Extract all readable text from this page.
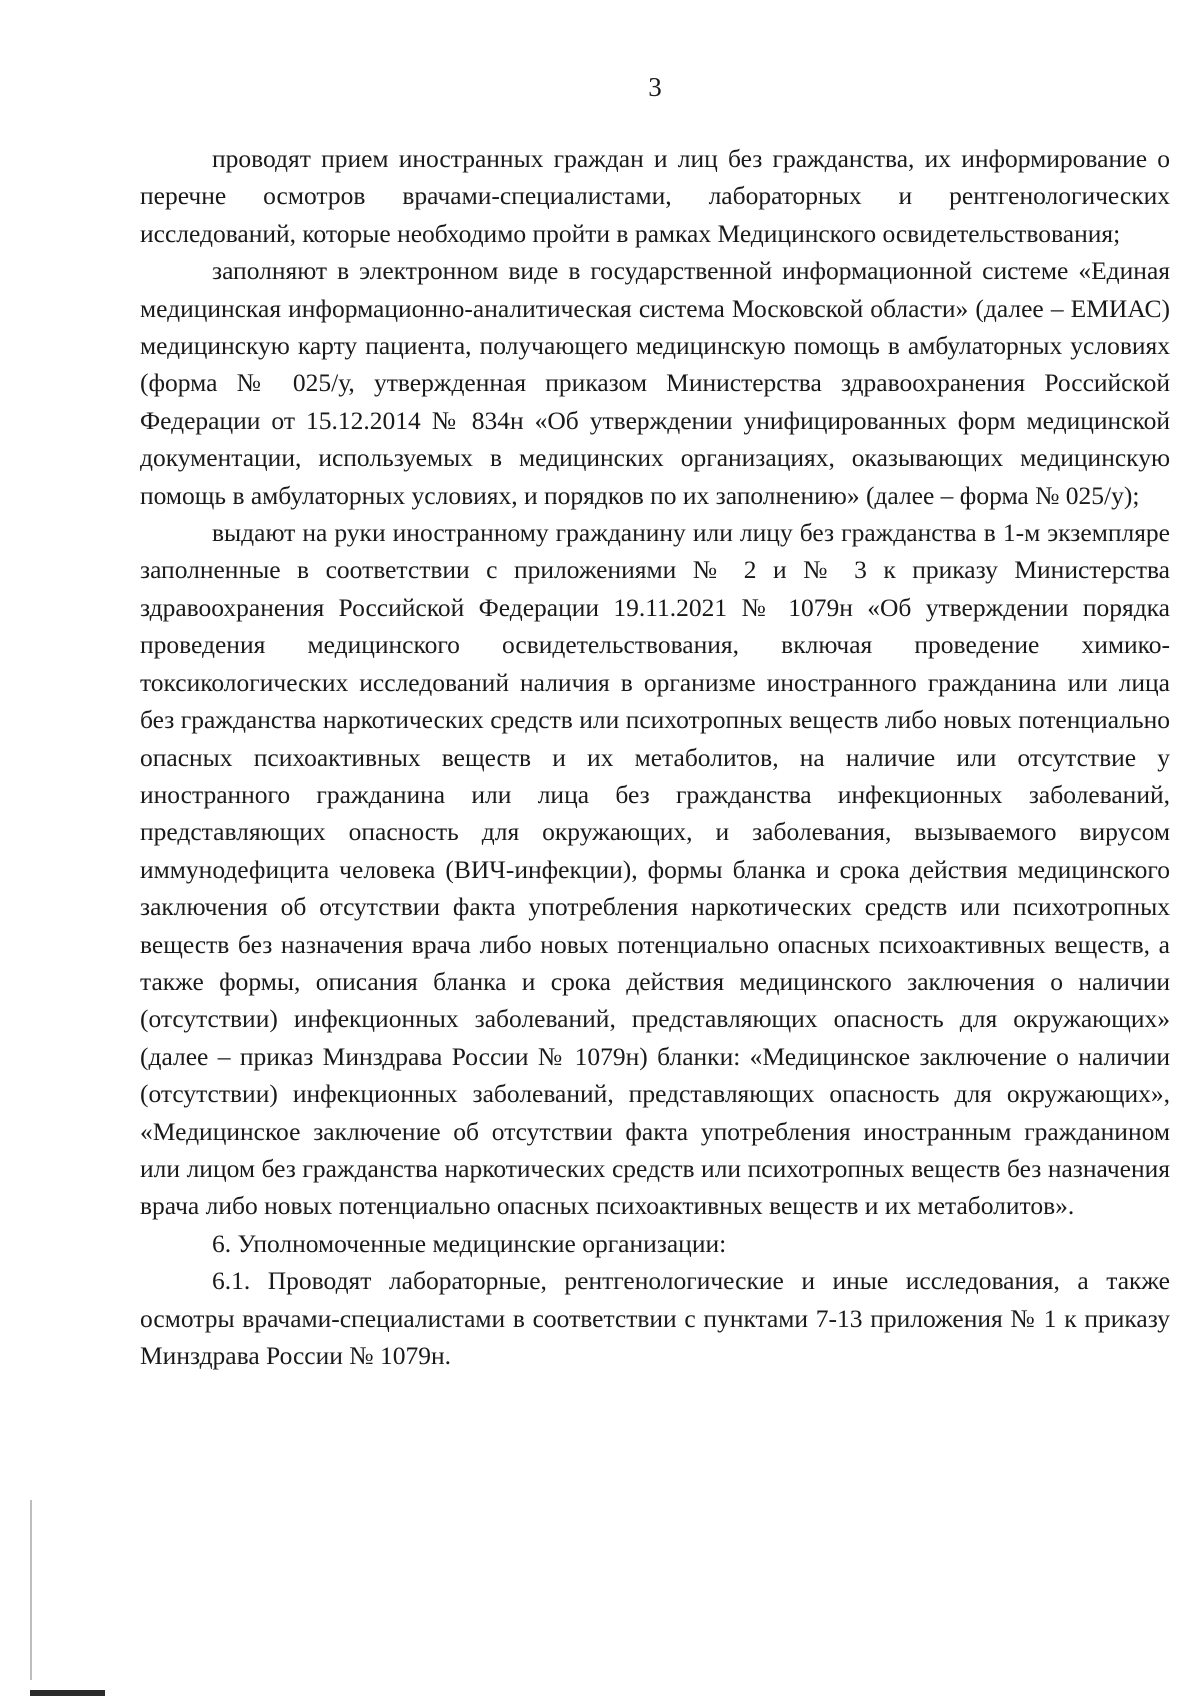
3

проводят прием иностранных граждан и лиц без гражданства, их информирование о перечне осмотров врачами-специалистами, лабораторных и рентгенологических исследований, которые необходимо пройти в рамках Медицинского освидетельствования;

заполняют в электронном виде в государственной информационной системе «Единая медицинская информационно-аналитическая система Московской области» (далее – ЕМИАС) медицинскую карту пациента, получающего медицинскую помощь в амбулаторных условиях (форма № 025/у, утвержденная приказом Министерства здравоохранения Российской Федерации от 15.12.2014 № 834н «Об утверждении унифицированных форм медицинской документации, используемых в медицинских организациях, оказывающих медицинскую помощь в амбулаторных условиях, и порядков по их заполнению» (далее – форма № 025/у);

выдают на руки иностранному гражданину или лицу без гражданства в 1-м экземпляре заполненные в соответствии с приложениями № 2 и № 3 к приказу Министерства здравоохранения Российской Федерации 19.11.2021 № 1079н «Об утверждении порядка проведения медицинского освидетельствования, включая проведение химико-токсикологических исследований наличия в организме иностранного гражданина или лица без гражданства наркотических средств или психотропных веществ либо новых потенциально опасных психоактивных веществ и их метаболитов, на наличие или отсутствие у иностранного гражданина или лица без гражданства инфекционных заболеваний, представляющих опасность для окружающих, и заболевания, вызываемого вирусом иммунодефицита человека (ВИЧ-инфекции), формы бланка и срока действия медицинского заключения об отсутствии факта употребления наркотических средств или психотропных веществ без назначения врача либо новых потенциально опасных психоактивных веществ, а также формы, описания бланка и срока действия медицинского заключения о наличии (отсутствии) инфекционных заболеваний, представляющих опасность для окружающих» (далее – приказ Минздрава России № 1079н) бланки: «Медицинское заключение о наличии (отсутствии) инфекционных заболеваний, представляющих опасность для окружающих», «Медицинское заключение об отсутствии факта употребления иностранным гражданином или лицом без гражданства наркотических средств или психотропных веществ без назначения врача либо новых потенциально опасных психоактивных веществ и их метаболитов».

6. Уполномоченные медицинские организации:

6.1. Проводят лабораторные, рентгенологические и иные исследования, а также осмотры врачами-специалистами в соответствии с пунктами 7-13 приложения № 1 к приказу Минздрава России № 1079н.
